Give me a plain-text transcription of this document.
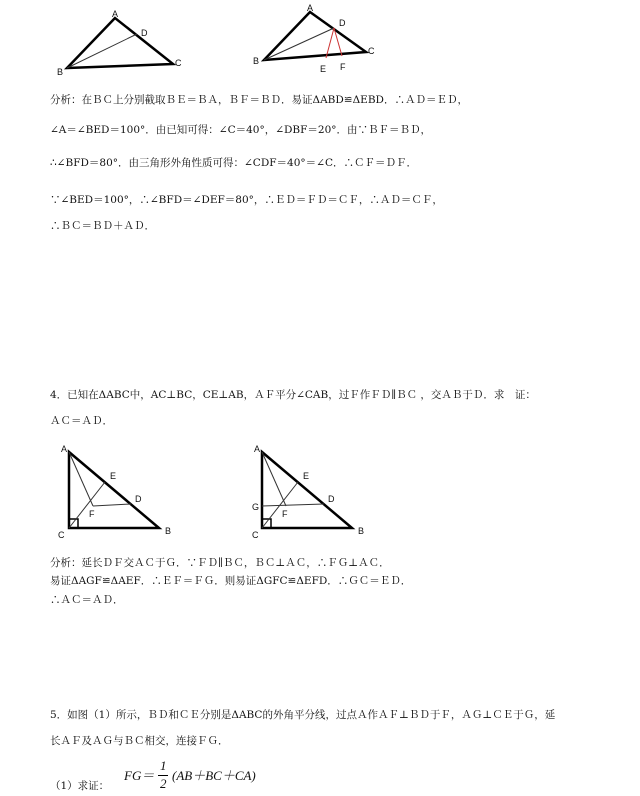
A
B
C
D
A
B
C
D
E F
分析：在ＢＣ上分别截取ＢＥ＝ＢＡ，ＢＦ＝ＢＤ．易证ΔABD≌ΔEBD．∴ＡＤ＝ＥＤ，
∠A＝∠BED＝100°．由已知可得：∠C＝40°，∠DBF＝20°．由∵ＢＦ＝ＢＤ，
∴∠BFD＝80°．由三角形外角性质可得：∠CDF＝40°＝∠C．∴ＣＦ＝ＤＦ．
∵∠BED＝100°，∴∠BFD＝∠DEF＝80°，∴ＥＤ＝ＦＤ＝ＣＦ，∴ＡＤ＝ＣＦ，
∴ＢＣ＝ＢＤ＋ＡＤ．
4．已知在ΔABC中，AC⊥BC，CE⊥AB，ＡＦ平分∠CAB，过Ｆ作ＦＤ∥ＢＣ ，交ＡＢ于Ｄ．求　证：
ＡＣ＝ＡＤ．
A
C	B
E
D
F
A
G
C	B
E
D
F
分析：延长ＤＦ交ＡＣ于Ｇ．∵ＦＤ∥ＢＣ，ＢＣ⊥ＡＣ，∴ＦＧ⊥ＡＣ．
易证ΔAGF≌ΔAEF．∴ＥＦ＝ＦＧ．则易证ΔGFC≌ΔEFD．∴ＧＣ＝ＥＤ．
∴ＡＣ＝ＡＤ．
5．如图（1）所示，ＢＤ和ＣＥ分别是ΔABC的外角平分线，过点Ａ作ＡＦ⊥ＢＤ于Ｆ，ＡＧ⊥ＣＥ于Ｇ，延
长ＡＦ及ＡＧ与ＢＣ相交，连接ＦＧ．
（1）求证：
FG＝
1
2
(AB＋BC＋CA)
